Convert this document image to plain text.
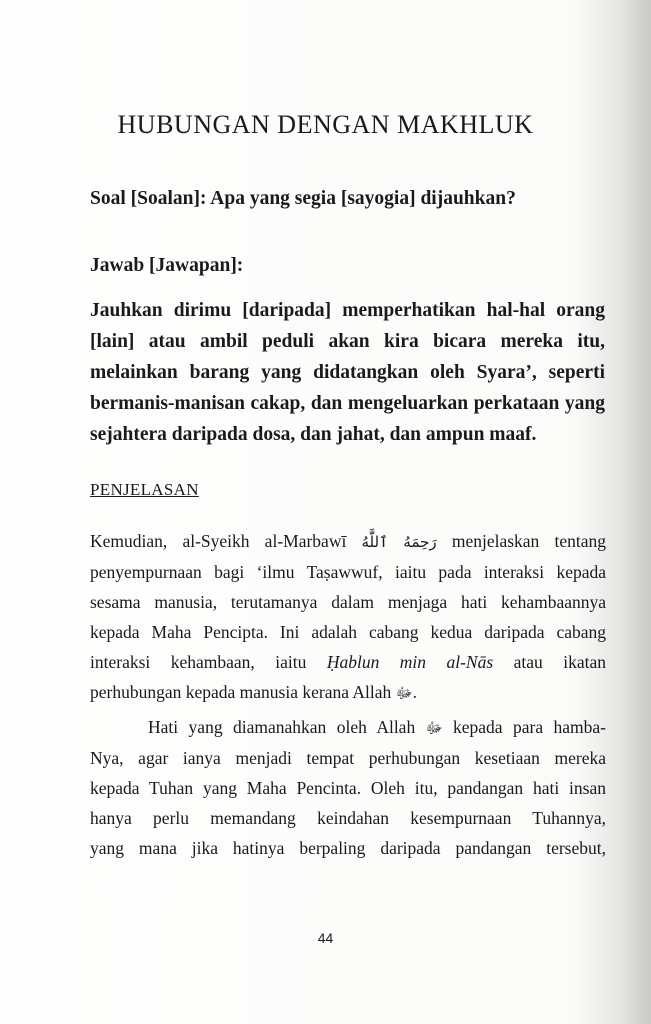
HUBUNGAN DENGAN MAKHLUK
Soal [Soalan]: Apa yang segia [sayogia] dijauhkan?
Jawab [Jawapan]:
Jauhkan dirimu [daripada] memperhatikan hal-hal orang
[lain] atau ambil peduli akan kira bicara mereka itu,
melainkan barang yang didatangkan oleh Syara’, seperti
bermanis-manisan cakap, dan mengeluarkan perkataan yang
sejahtera daripada dosa, dan jahat, dan ampun maaf.
PENJELASAN
Kemudian, al-Syeikh al-Marbawī رَحِمَهُ ٱللَّٰهُ menjelaskan tentang
penyempurnaan bagi ‘ilmu Taṣawwuf, iaitu pada interaksi kepada
sesama manusia, terutamanya dalam menjaga hati kehambaannya
kepada Maha Pencipta. Ini adalah cabang kedua daripada cabang
interaksi kehambaan, iaitu Ḥablun min al-Nās atau ikatan
perhubungan kepada manusia kerana Allah ﷻ.
Hati yang diamanahkan oleh Allah ﷻ kepada para hamba-
Nya, agar ianya menjadi tempat perhubungan kesetiaan mereka
kepada Tuhan yang Maha Pencinta. Oleh itu, pandangan hati insan
hanya perlu memandang keindahan kesempurnaan Tuhannya,
yang mana jika hatinya berpaling daripada pandangan tersebut,
44
